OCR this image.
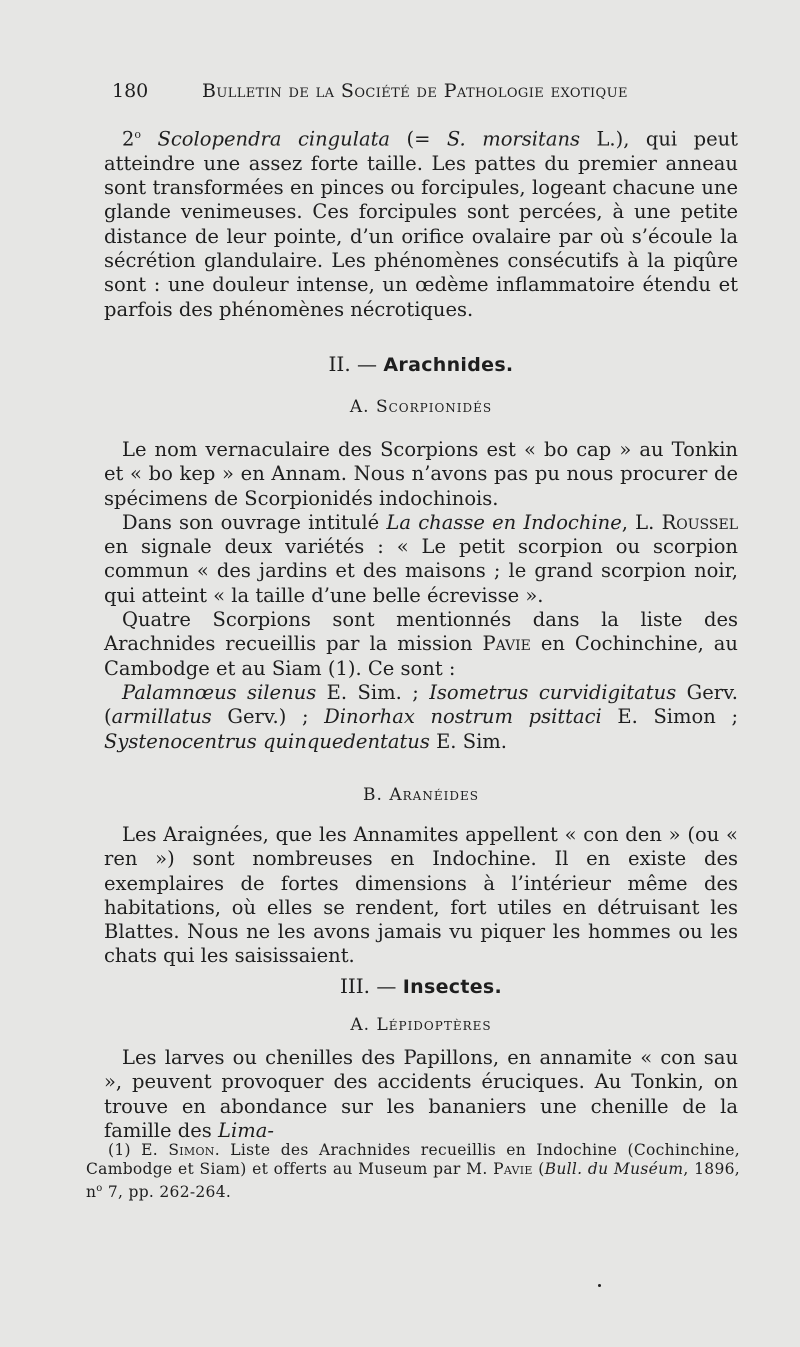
180	Bulletin de la Société de Pathologie exotique

2$^o$ Scolopendra cingulata (= S. morsitans L.), qui peut atteindre une assez forte taille. Les pattes du premier anneau sont transformées en pinces ou forcipules, logeant chacune une glande venimeuses. Ces forcipules sont percées, à une petite distance de leur pointe, d’un orifice ovalaire par où s’écoule la sécrétion glandulaire. Les phénomènes consécutifs à la piqûre sont : une douleur intense, un œdème inflammatoire étendu et parfois des phénomènes nécrotiques.

II. — Arachnides.
A. Scorpionidés

Le nom vernaculaire des Scorpions est « bo cap » au Tonkin et « bo kep » en Annam. Nous n’avons pas pu nous procurer de spécimens de Scorpionidés indochinois.

Dans son ouvrage intitulé La chasse en Indochine, L. Roussel en signale deux variétés : « Le petit scorpion ou scorpion commun « des jardins et des maisons ; le grand scorpion noir, qui atteint « la taille d’une belle écrevisse ».

Quatre Scorpions sont mentionnés dans la liste des Arachnides recueillis par la mission Pavie en Cochinchine, au Cambodge et au Siam (1). Ce sont :

Palamnœus silenus E. Sim. ; Isometrus curvidigitatus Gerv. (armillatus Gerv.) ; Dinorhax nostrum psittaci E. Simon ; Systenocentrus quinquedentatus E. Sim.

B. Aranéides

Les Araignées, que les Annamites appellent « con den » (ou « ren ») sont nombreuses en Indochine. Il en existe des exemplaires de fortes dimensions à l’intérieur même des habitations, où elles se rendent, fort utiles en détruisant les Blattes. Nous ne les avons jamais vu piquer les hommes ou les chats qui les saisissaient.

III. — Insectes.
A. Lépidoptères

Les larves ou chenilles des Papillons, en annamite « con sau », peuvent provoquer des accidents éruciques. Au Tonkin, on trouve en abondance sur les bananiers une chenille de la famille des Lima-

(1) E. Simon. Liste des Arachnides recueillis en Indochine (Cochinchine, Cambodge et Siam) et offerts au Museum par M. Pavie (Bull. du Muséum, 1896, $n^o$ 7, pp. 262-264.
